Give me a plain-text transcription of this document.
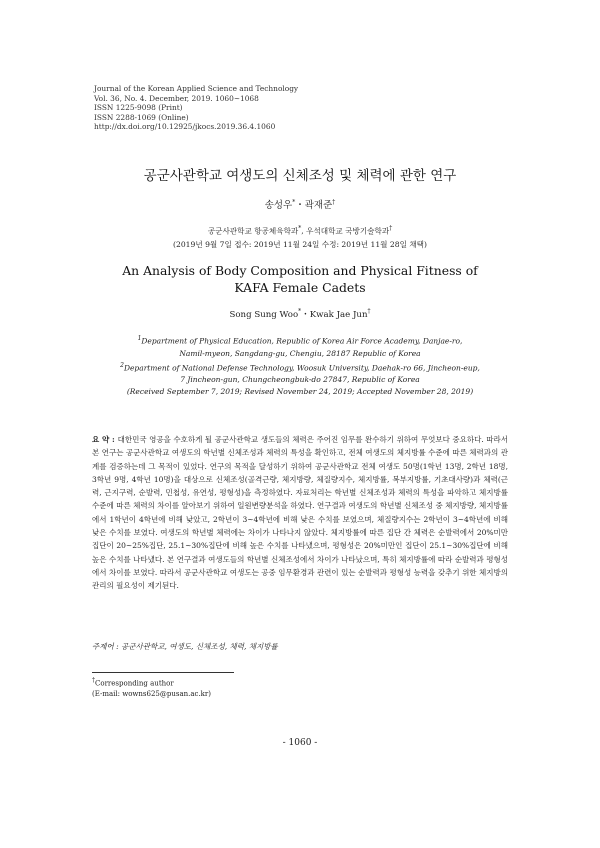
Journal of the Korean Applied Science and Technology
Vol. 36, No. 4. December, 2019. 1060~1068
ISSN 1225-9098 (Print)
ISSN 2288-1069 (Online)
http://dx.doi.org/10.12925/jkocs.2019.36.4.1060
공군사관학교 여생도의 신체조성 및 체력에 관한 연구
송성우*・곽재준†
공군사관학교 항공체육학과*, 우석대학교 국방기술학과†
(2019년 9월 7일 접수: 2019년 11월 24일 수정: 2019년 11월 28일 채택)
An Analysis of Body Composition and Physical Fitness of
KAFA Female Cadets
Song Sung Woo*・Kwak Jae Jun†
$^1$Department of Physical Education, Republic of Korea Air Force Academy, Danjae-ro,
Namil-myeon, Sangdang-gu, Chengiu, 28187 Republic of Korea
$^2$Department of National Defense Technology, Woosuk University, Daehak-ro 66, Jincheon-eup,
7 Jincheon-gun, Chungcheongbuk-do 27847, Republic of Korea
(Received September 7, 2019; Revised November 24, 2019; Accepted November 28, 2019)
요 약 : 대한민국 영공을 수호하게 될 공군사관학교 생도들의 체력은 주어진 임무를 완수하기 위하여 무엇보다 중요하다. 따라서 본 연구는 공군사관학교 여생도의 학년별 신체조성과 체력의 특성을 확인하고, 전체 여생도의 체지방률 수준에 따른 체력과의 관계를 검증하는데 그 목적이 있었다. 연구의 목적을 달성하기 위하여 공군사관학교 전체 여생도 50명(1학년 13명, 2학년 18명, 3학년 9명, 4학년 10명)을 대상으로 신체조성(골격근량, 체지방량, 체질량지수, 체지방률, 복부지방률, 기초대사량)과 체력(근력, 근지구력, 순발력, 민첩성, 유연성, 평형성)을 측정하였다. 자료처리는 학년별 신체조성과 체력의 특성을 파악하고 체지방률 수준에 따른 체력의 차이를 알아보기 위하여 일원변량분석을 하였다. 연구결과 여생도의 학년별 신체조성 중 체지방량, 체지방률에서 1학년이 4학년에 비해 낮았고, 2학년이 3~4학년에 비해 낮은 수치를 보였으며, 체질량지수는 2학년이 3~4학년에 비해 낮은 수치를 보였다. 여생도의 학년별 체력에는 차이가 나타나지 않았다. 체지방률에 따른 집단 간 체력은 순발력에서 20%미만 집단이 20~25%집단, 25.1~30%집단에 비해 높은 수치를 나타냈으며, 평형성은 20%미만인 집단이 25.1~30%집단에 비해 높은 수치를 나타냈다. 본 연구결과 여생도들의 학년별 신체조성에서 차이가 나타났으며, 특히 체지방률에 따라 순발력과 평형성에서 차이를 보였다. 따라서 공군사관학교 여생도는 공중 임무환경과 관련이 있는 순발력과 평형성 능력을 갖추기 위한 체지방의 관리의 필요성이 제기된다.
주제어 : 공군사관학교, 여생도, 신체조성, 체력, 체지방률
†Corresponding author
(E-mail: wowns625@pusan.ac.kr)
- 1060 -
